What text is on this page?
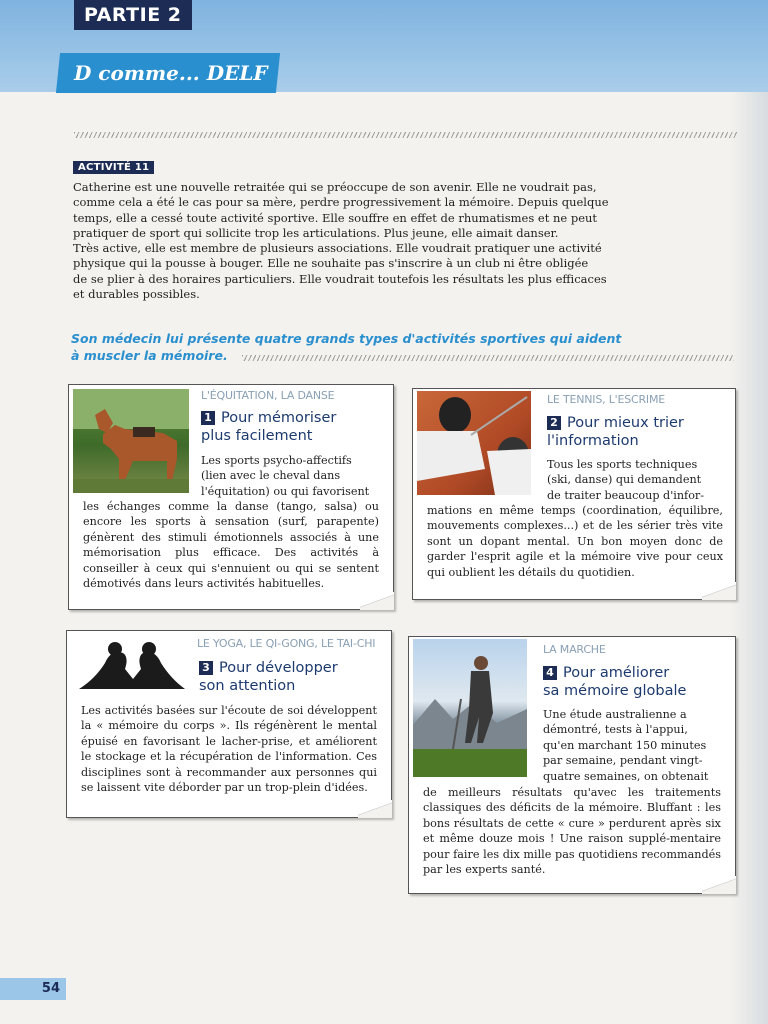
PARTIE 2
D comme... DELF
ACTIVITÉ 11

Catherine est une nouvelle retraitée qui se préoccupe de son avenir. Elle ne voudrait pas,

comme cela a été le cas pour sa mère, perdre progressivement la mémoire. Depuis quelque

temps, elle a cessé toute activité sportive. Elle souffre en effet de rhumatismes et ne peut

pratiquer de sport qui sollicite trop les articulations. Plus jeune, elle aimait danser.

Très active, elle est membre de plusieurs associations. Elle voudrait pratiquer une activité

physique qui la pousse à bouger. Elle ne souhaite pas s'inscrire à un club ni être obligée

de se plier à des horaires particuliers. Elle voudrait toutefois les résultats les plus efficaces

et durables possibles.

Son médecin lui présente quatre grands types d'activités sportives qui aident
à muscler la mémoire.
L'ÉQUITATION, LA DANSE
1 Pour mémoriser
plus facilement
Les sports psycho-affectifs
(lien avec le cheval dans
l'équitation) ou qui favorisent
les échanges comme la danse (tango, salsa) ou encore les sports à sensation (surf, parapente) génèrent des stimuli émotionnels associés à une mémorisation plus efficace. Des activités à conseiller à ceux qui s'ennuient ou qui se sentent démotivés dans leurs activités habituelles.
LE TENNIS, L'ESCRIME
2 Pour mieux trier
l'information
Tous les sports techniques
(ski, danse) qui demandent
de traiter beaucoup d'infor-
mations en même temps (coordination, équilibre, mouvements complexes...) et de les sérier très vite sont un dopant mental. Un bon moyen donc de garder l'esprit agile et la mémoire vive pour ceux qui oublient les détails du quotidien.
LE YOGA, LE QI-GONG, LE TAI-CHI
3 Pour développer
son attention
Les activités basées sur l'écoute de soi développent la « mémoire du corps ». Ils régénèrent le mental épuisé en favorisant le lacher-prise, et améliorent le stockage et la récupération de l'information. Ces disciplines sont à recommander aux personnes qui se laissent vite déborder par un trop-plein d'idées.
LA MARCHE
4 Pour améliorer
sa mémoire globale
Une étude australienne a
démontré, tests à l'appui,
qu'en marchant 150 minutes
par semaine, pendant vingt-
quatre semaines, on obtenait
de meilleurs résultats qu'avec les traitements classiques des déficits de la mémoire. Bluffant : les bons résultats de cette « cure » perdurent après six et même douze mois ! Une raison supplé-mentaire pour faire les dix mille pas quotidiens recommandés par les experts santé.
54
